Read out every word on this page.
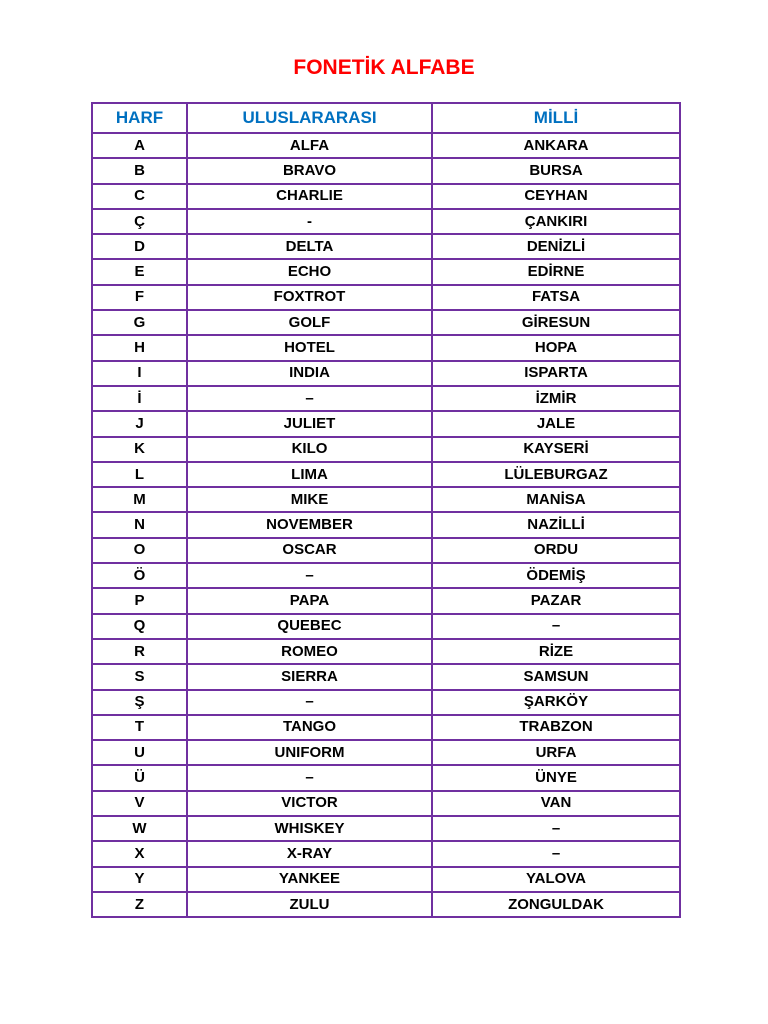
FONETİK ALFABE
HARF	ULUSLARARASI	MİLLİ
A	ALFA	ANKARA
B	BRAVO	BURSA
C	CHARLIE	CEYHAN
Ç	-	ÇANKIRI
D	DELTA	DENİZLİ
E	ECHO	EDİRNE
F	FOXTROT	FATSA
G	GOLF	GİRESUN
H	HOTEL	HOPA
I	INDIA	ISPARTA
İ	–	İZMİR
J	JULIET	JALE
K	KILO	KAYSERİ
L	LIMA	LÜLEBURGAZ
M	MIKE	MANİSA
N	NOVEMBER	NAZİLLİ
O	OSCAR	ORDU
Ö	–	ÖDEMİŞ
P	PAPA	PAZAR
Q	QUEBEC	–
R	ROMEO	RİZE
S	SIERRA	SAMSUN
Ş	–	ŞARKÖY
T	TANGO	TRABZON
U	UNIFORM	URFA
Ü	–	ÜNYE
V	VICTOR	VAN
W	WHISKEY	–
X	X-RAY	–
Y	YANKEE	YALOVA
Z	ZULU	ZONGULDAK
